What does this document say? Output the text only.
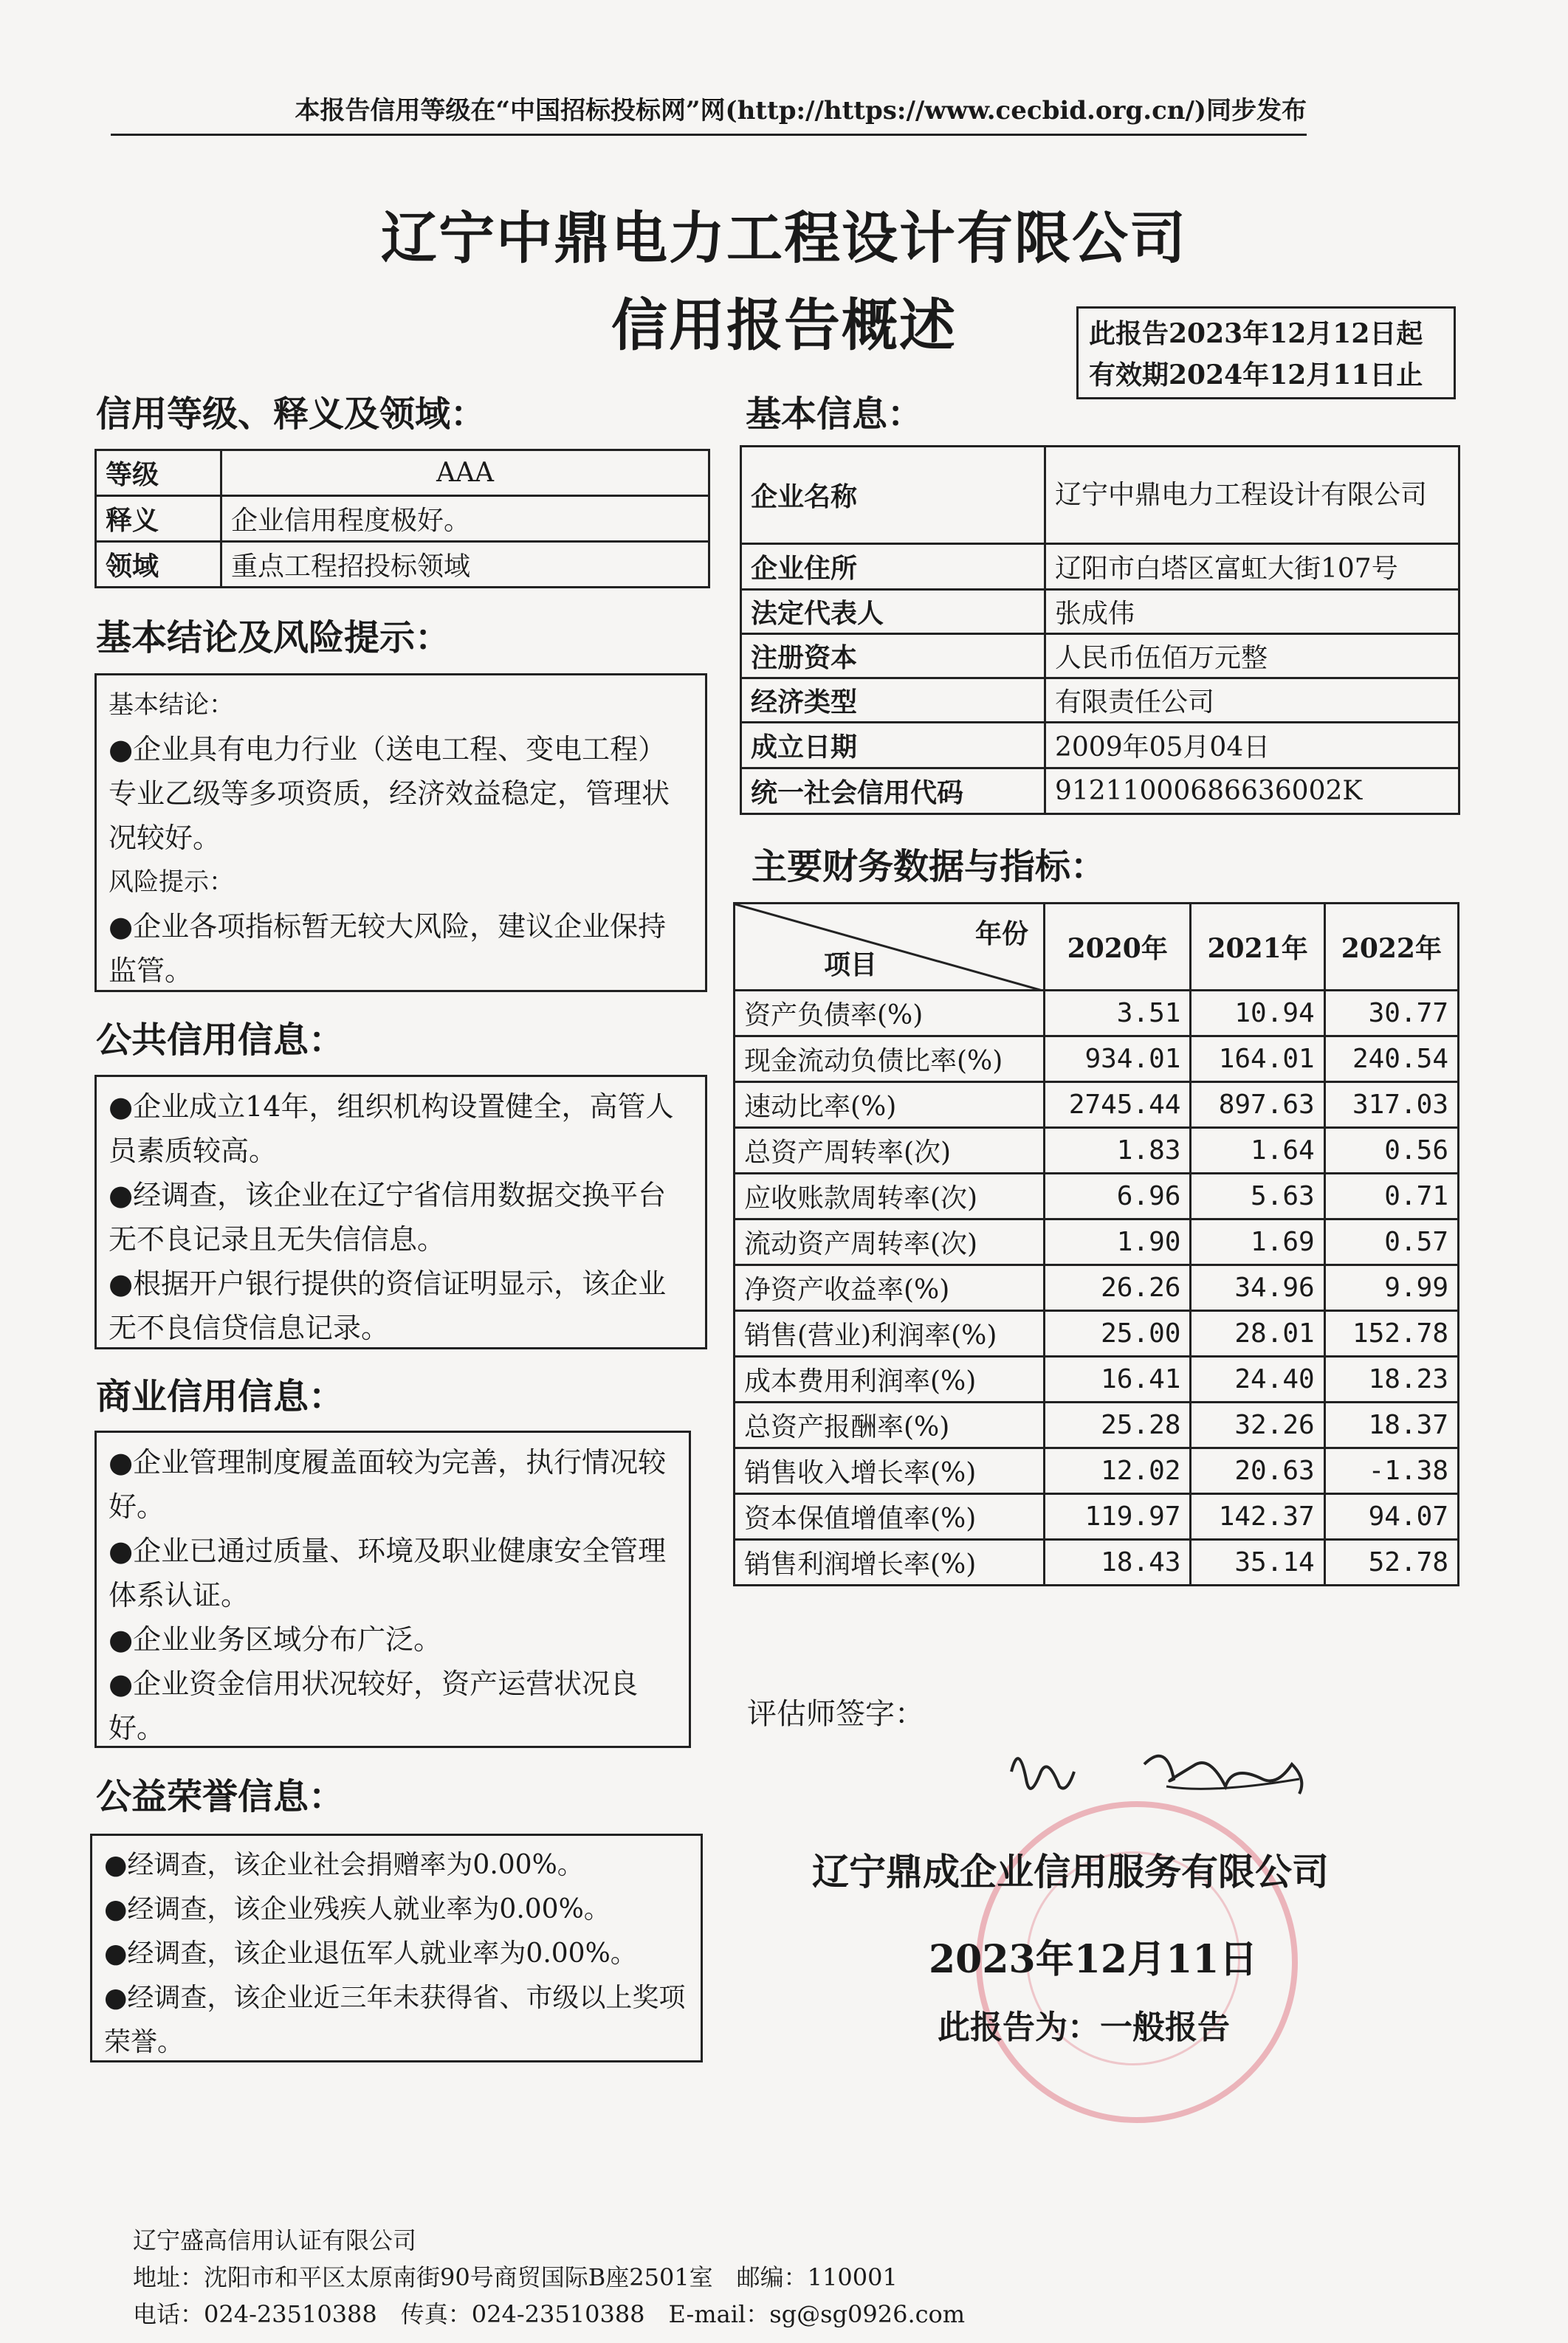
本报告信用等级在“中国招标投标网”网(http://https://www.cecbid.org.cn/)同步发布
辽宁中鼎电力工程设计有限公司
信用报告概述	此报告2023年12月12日起
有效期2024年12月11日止
信用等级、释义及领域：
等级	AAA
释义	企业信用程度极好。
领域	重点工程招投标领域
基本结论及风险提示：

基本结论：

●企业具有电力行业（送电工程、变电工程）专业乙级等多项资质，经济效益稳定，管理状况较好。

风险提示：

●企业各项指标暂无较大风险，建议企业保持监管。

公共信用信息：

●企业成立14年，组织机构设置健全，高管人员素质较高。

●经调查，该企业在辽宁省信用数据交换平台无不良记录且无失信信息。

●根据开户银行提供的资信证明显示，该企业无不良信贷信息记录。

商业信用信息：

●企业管理制度履盖面较为完善，执行情况较好。

●企业已通过质量、环境及职业健康安全管理体系认证。

●企业业务区域分布广泛。

●企业资金信用状况较好，资产运营状况良好。

公益荣誉信息：

●经调查，该企业社会捐赠率为0.00%。

●经调查，该企业残疾人就业率为0.00%。

●经调查，该企业退伍军人就业率为0.00%。

●经调查，该企业近三年未获得省、市级以上奖项荣誉。

基本信息：
企业名称	辽宁中鼎电力工程设计有限公司
企业住所	辽阳市白塔区富虹大街107号
法定代表人	张成伟
注册资本	人民币伍佰万元整
经济类型	有限责任公司
成立日期	2009年05月04日
统一社会信用代码	91211000686636002K
主要财务数据与指标：
年份
项目	2020年	2021年	2022年
资产负债率(%)	3.51	10.94	30.77
现金流动负债比率(%)	934.01	164.01	240.54
速动比率(%)	2745.44	897.63	317.03
总资产周转率(次)	1.83	1.64	0.56
应收账款周转率(次)	6.96	5.63	0.71
流动资产周转率(次)	1.90	1.69	0.57
净资产收益率(%)	26.26	34.96	9.99
销售(营业)利润率(%)	25.00	28.01	152.78
成本费用利润率(%)	16.41	24.40	18.23
总资产报酬率(%)	25.28	32.26	18.37
销售收入增长率(%)	12.02	20.63	-1.38
资本保值增值率(%)	119.97	142.37	94.07
销售利润增长率(%)	18.43	35.14	52.78
评估师签字：
辽宁鼎成企业信用服务有限公司
2023年12月11日
此报告为：一般报告
辽宁盛高信用认证有限公司
地址：沈阳市和平区太原南街90号商贸国际B座2501室　邮编：110001
电话：024-23510388　传真：024-23510388　E-mail：sg@sg0926.com
